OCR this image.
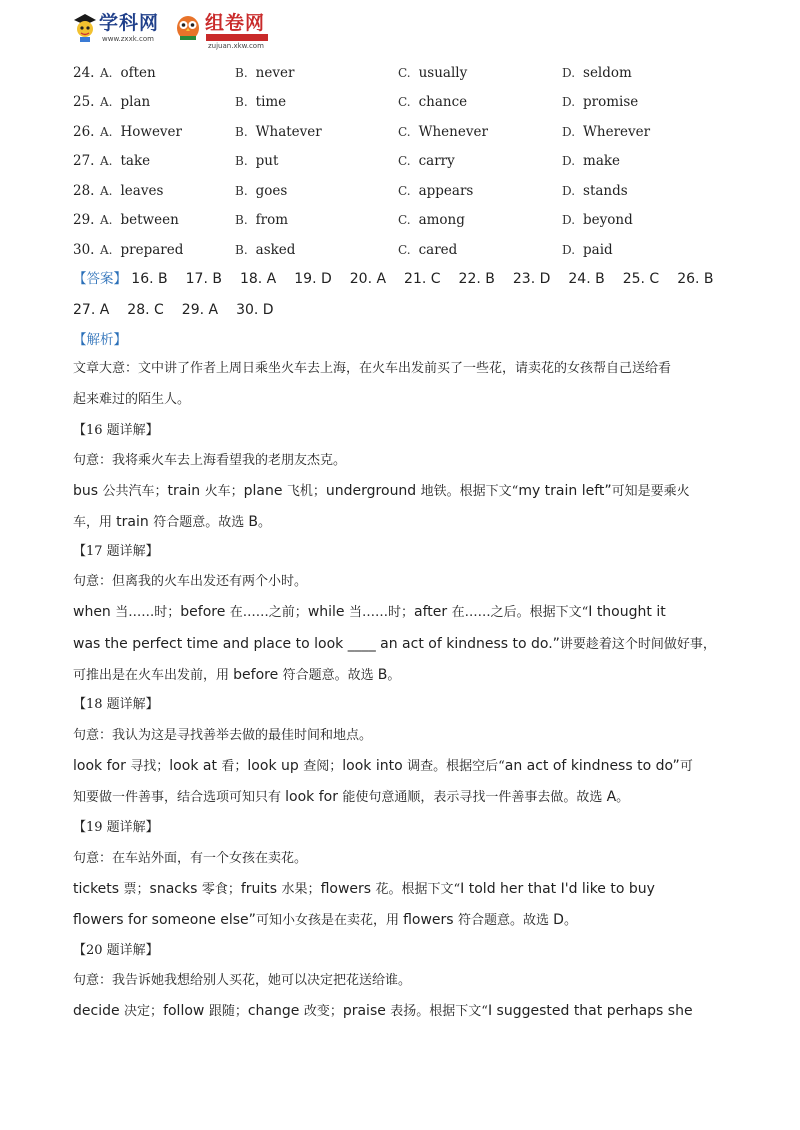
学科网
www.zxxk.com
组卷网
zujuan.xkw.com
24. A. often	B. never	C. usually	D. seldom
25. A. plan	B. time	C. chance	D. promise
26. A. However	B. Whatever	C. Whenever	D. Wherever
27. A. take	B. put	C. carry	D. make
28. A. leaves	B. goes	C. appears	D. stands
29. A. between	B. from	C. among	D. beyond
30. A. prepared	B. asked	C. cared	D. paid
【答案】 16. B 17. B 18. A 19. D 20. A 21. C 22. B 23. D 24. B 25. C 26. B
27. A 28. C 29. A 30. D
【解析】
文章大意：文中讲了作者上周日乘坐火车去上海，在火车出发前买了一些花，请卖花的女孩帮自己送给看
起来难过的陌生人。
【16 题详解】
句意：我将乘火车去上海看望我的老朋友杰克。
bus 公共汽车；train 火车；plane 飞机；underground 地铁。根据下文“my train left”可知是要乘火
车，用 train 符合题意。故选 B。
【17 题详解】
句意：但离我的火车出发还有两个小时。
when 当……时；before 在……之前；while 当……时；after 在……之后。根据下文“I thought it
was the perfect time and place to look ____ an act of kindness to do.”讲要趁着这个时间做好事，
可推出是在火车出发前，用 before 符合题意。故选 B。
【18 题详解】
句意：我认为这是寻找善举去做的最佳时间和地点。
look for 寻找；look at 看；look up 查阅；look into 调查。根据空后“an act of kindness to do”可
知要做一件善事，结合选项可知只有 look for 能使句意通顺，表示寻找一件善事去做。故选 A。
【19 题详解】
句意：在车站外面，有一个女孩在卖花。
tickets 票；snacks 零食；fruits 水果；flowers 花。根据下文“I told her that I'd like to buy
flowers for someone else”可知小女孩是在卖花，用 flowers 符合题意。故选 D。
【20 题详解】
句意：我告诉她我想给别人买花，她可以决定把花送给谁。
decide 决定；follow 跟随；change 改变；praise 表扬。根据下文“I suggested that perhaps she
